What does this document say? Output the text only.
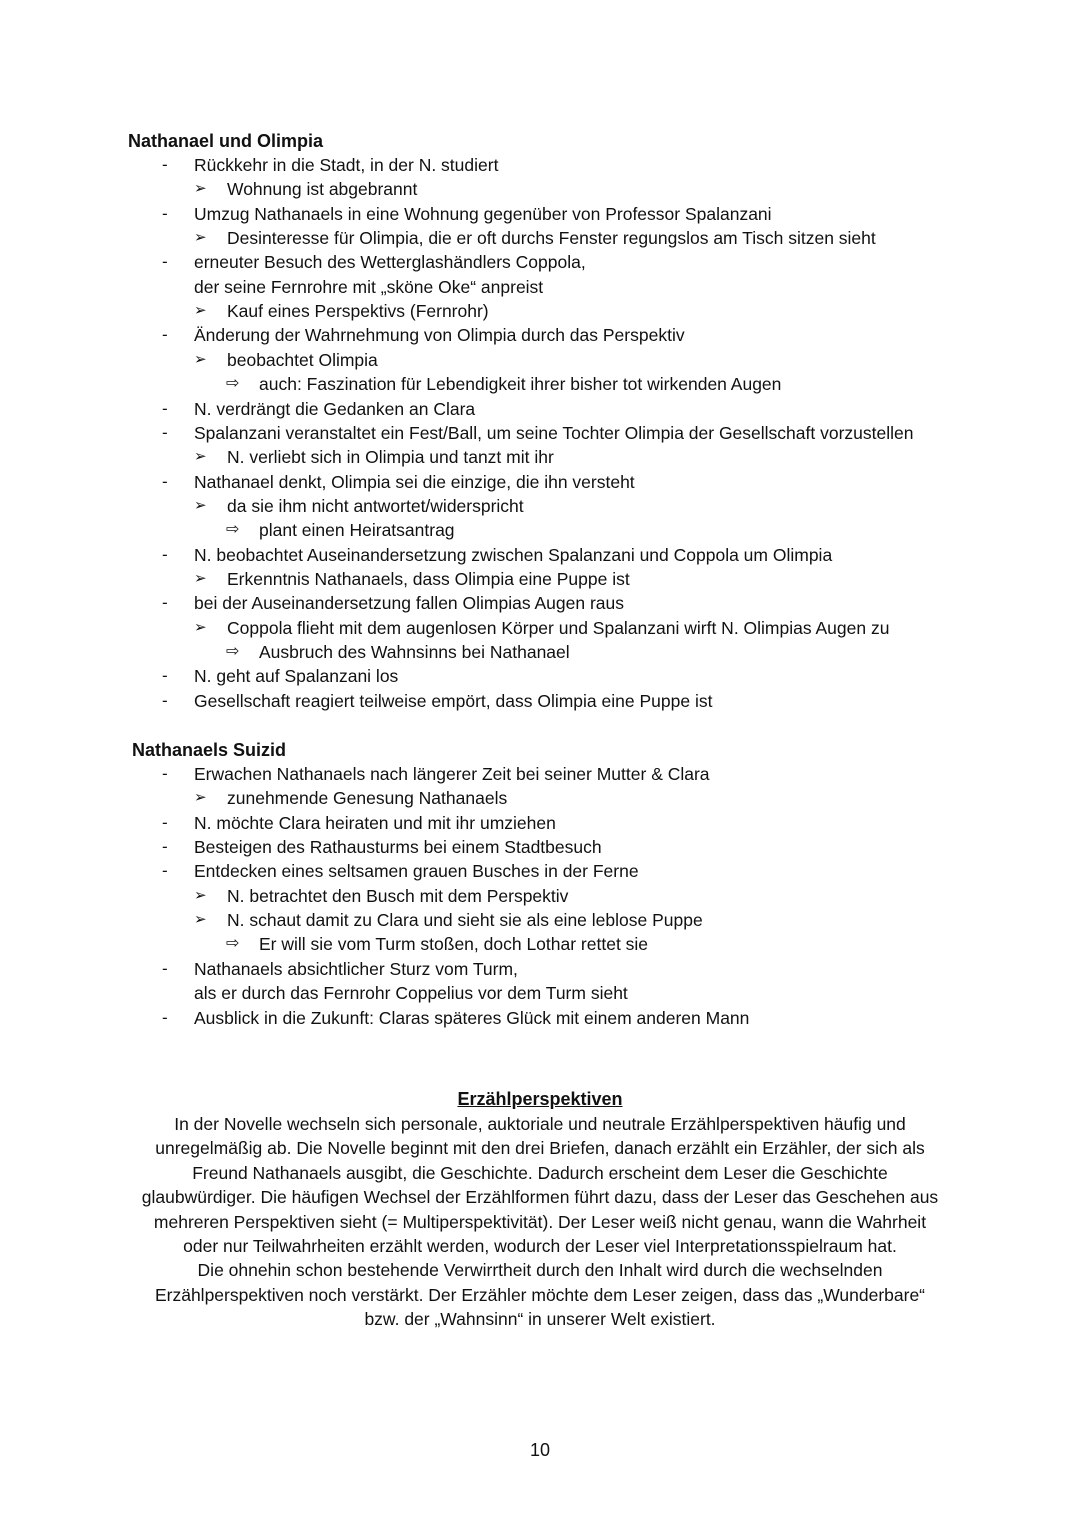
Nathanael und Olimpia
- Rückkehr in die Stadt, in der N. studiert
➢ Wohnung ist abgebrannt
- Umzug Nathanaels in eine Wohnung gegenüber von Professor Spalanzani
➢ Desinteresse für Olimpia, die er oft durchs Fenster regungslos am Tisch sitzen sieht
- erneuter Besuch des Wetterglashändlers Coppola,
der seine Fernrohre mit „sköne Oke“ anpreist
➢ Kauf eines Perspektivs (Fernrohr)
- Änderung der Wahrnehmung von Olimpia durch das Perspektiv
➢ beobachtet Olimpia
⇨ auch: Faszination für Lebendigkeit ihrer bisher tot wirkenden Augen
- N. verdrängt die Gedanken an Clara
- Spalanzani veranstaltet ein Fest/Ball, um seine Tochter Olimpia der Gesellschaft vorzustellen
➢ N. verliebt sich in Olimpia und tanzt mit ihr
- Nathanael denkt, Olimpia sei die einzige, die ihn versteht
➢ da sie ihm nicht antwortet/widerspricht
⇨ plant einen Heiratsantrag
- N. beobachtet Auseinandersetzung zwischen Spalanzani und Coppola um Olimpia
➢ Erkenntnis Nathanaels, dass Olimpia eine Puppe ist
- bei der Auseinandersetzung fallen Olimpias Augen raus
➢ Coppola flieht mit dem augenlosen Körper und Spalanzani wirft N. Olimpias Augen zu
⇨ Ausbruch des Wahnsinns bei Nathanael
- N. geht auf Spalanzani los
- Gesellschaft reagiert teilweise empört, dass Olimpia eine Puppe ist
Nathanaels Suizid
- Erwachen Nathanaels nach längerer Zeit bei seiner Mutter & Clara
➢ zunehmende Genesung Nathanaels
- N. möchte Clara heiraten und mit ihr umziehen
- Besteigen des Rathausturms bei einem Stadtbesuch
- Entdecken eines seltsamen grauen Busches in der Ferne
➢ N. betrachtet den Busch mit dem Perspektiv
➢ N. schaut damit zu Clara und sieht sie als eine leblose Puppe
⇨ Er will sie vom Turm stoßen, doch Lothar rettet sie
- Nathanaels absichtlicher Sturz vom Turm,
als er durch das Fernrohr Coppelius vor dem Turm sieht
- Ausblick in die Zukunft: Claras späteres Glück mit einem anderen Mann
Erzählperspektiven
In der Novelle wechseln sich personale, auktoriale und neutrale Erzählperspektiven häufig und
unregelmäßig ab. Die Novelle beginnt mit den drei Briefen, danach erzählt ein Erzähler, der sich als
Freund Nathanaels ausgibt, die Geschichte. Dadurch erscheint dem Leser die Geschichte
glaubwürdiger. Die häufigen Wechsel der Erzählformen führt dazu, dass der Leser das Geschehen aus
mehreren Perspektiven sieht (= Multiperspektivität). Der Leser weiß nicht genau, wann die Wahrheit
oder nur Teilwahrheiten erzählt werden, wodurch der Leser viel Interpretationsspielraum hat.
Die ohnehin schon bestehende Verwirrtheit durch den Inhalt wird durch die wechselnden
Erzählperspektiven noch verstärkt. Der Erzähler möchte dem Leser zeigen, dass das „Wunderbare“
bzw. der „Wahnsinn“ in unserer Welt existiert.
10
